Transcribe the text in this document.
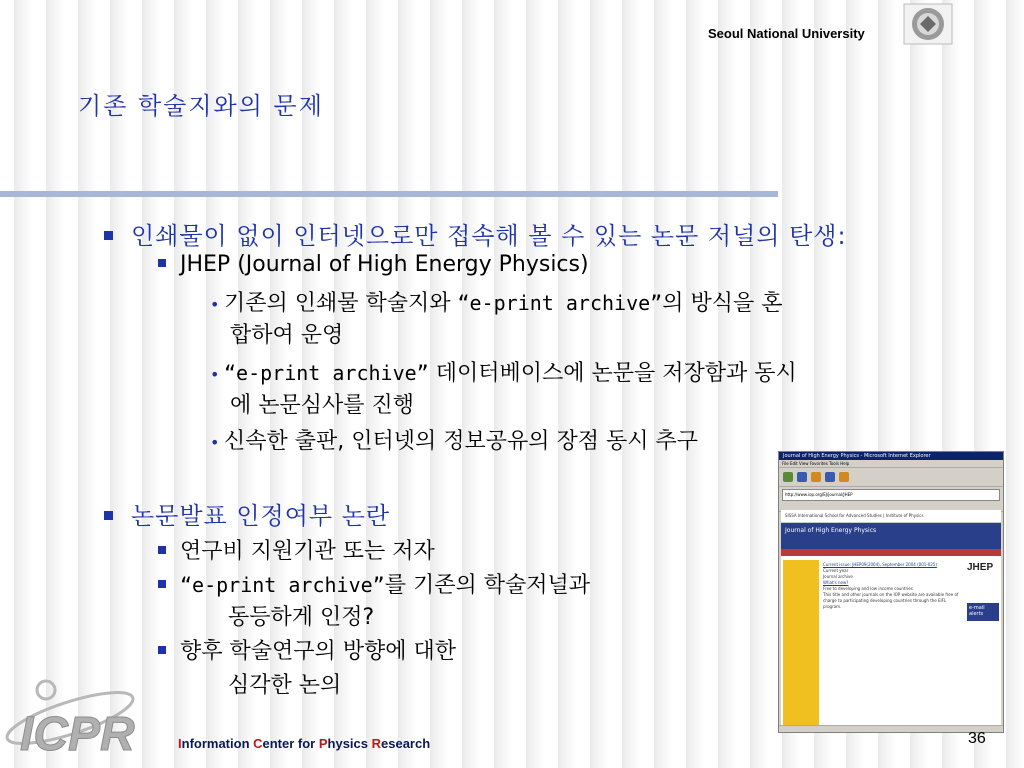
Seoul National University
기존 학술지와의 문제
인쇄물이 없이 인터넷으로만 접속해 볼 수 있는 논문 저널의 탄생:
JHEP (Journal of High Energy Physics)
• 기존의 인쇄물 학술지와 “e-print archive”의 방식을 혼
합하여 운영
• “e-print archive” 데이터베이스에 논문을 저장함과 동시
에 논문심사를 진행
• 신속한 출판, 인터넷의 정보공유의 장점 동시 추구
논문발표 인정여부 논란
연구비 지원기관 또는 저자
“e-print archive”를 기존의 학술저널과
동등하게 인정?
향후 학술연구의 방향에 대한
심각한 논의
Journal of High Energy Physics - Microsoft Internet Explorer
File Edit View Favorites Tools Help
http://www.iop.org/EJ/journal/JHEP
SISSA International School for Advanced Studies | Institute of Physics
Journal of High Energy Physics
Current issue: JHEP09(2004), September 2004 (001-025)
Current year
Journal archive
What's new?
Free to developing and low income countries
This title and other journals on the IOP website are available free of charge to participating developing countries through the EIFL program.
JHEP
e-mail alerts
ICPR	Information Center for Physics Research	36
